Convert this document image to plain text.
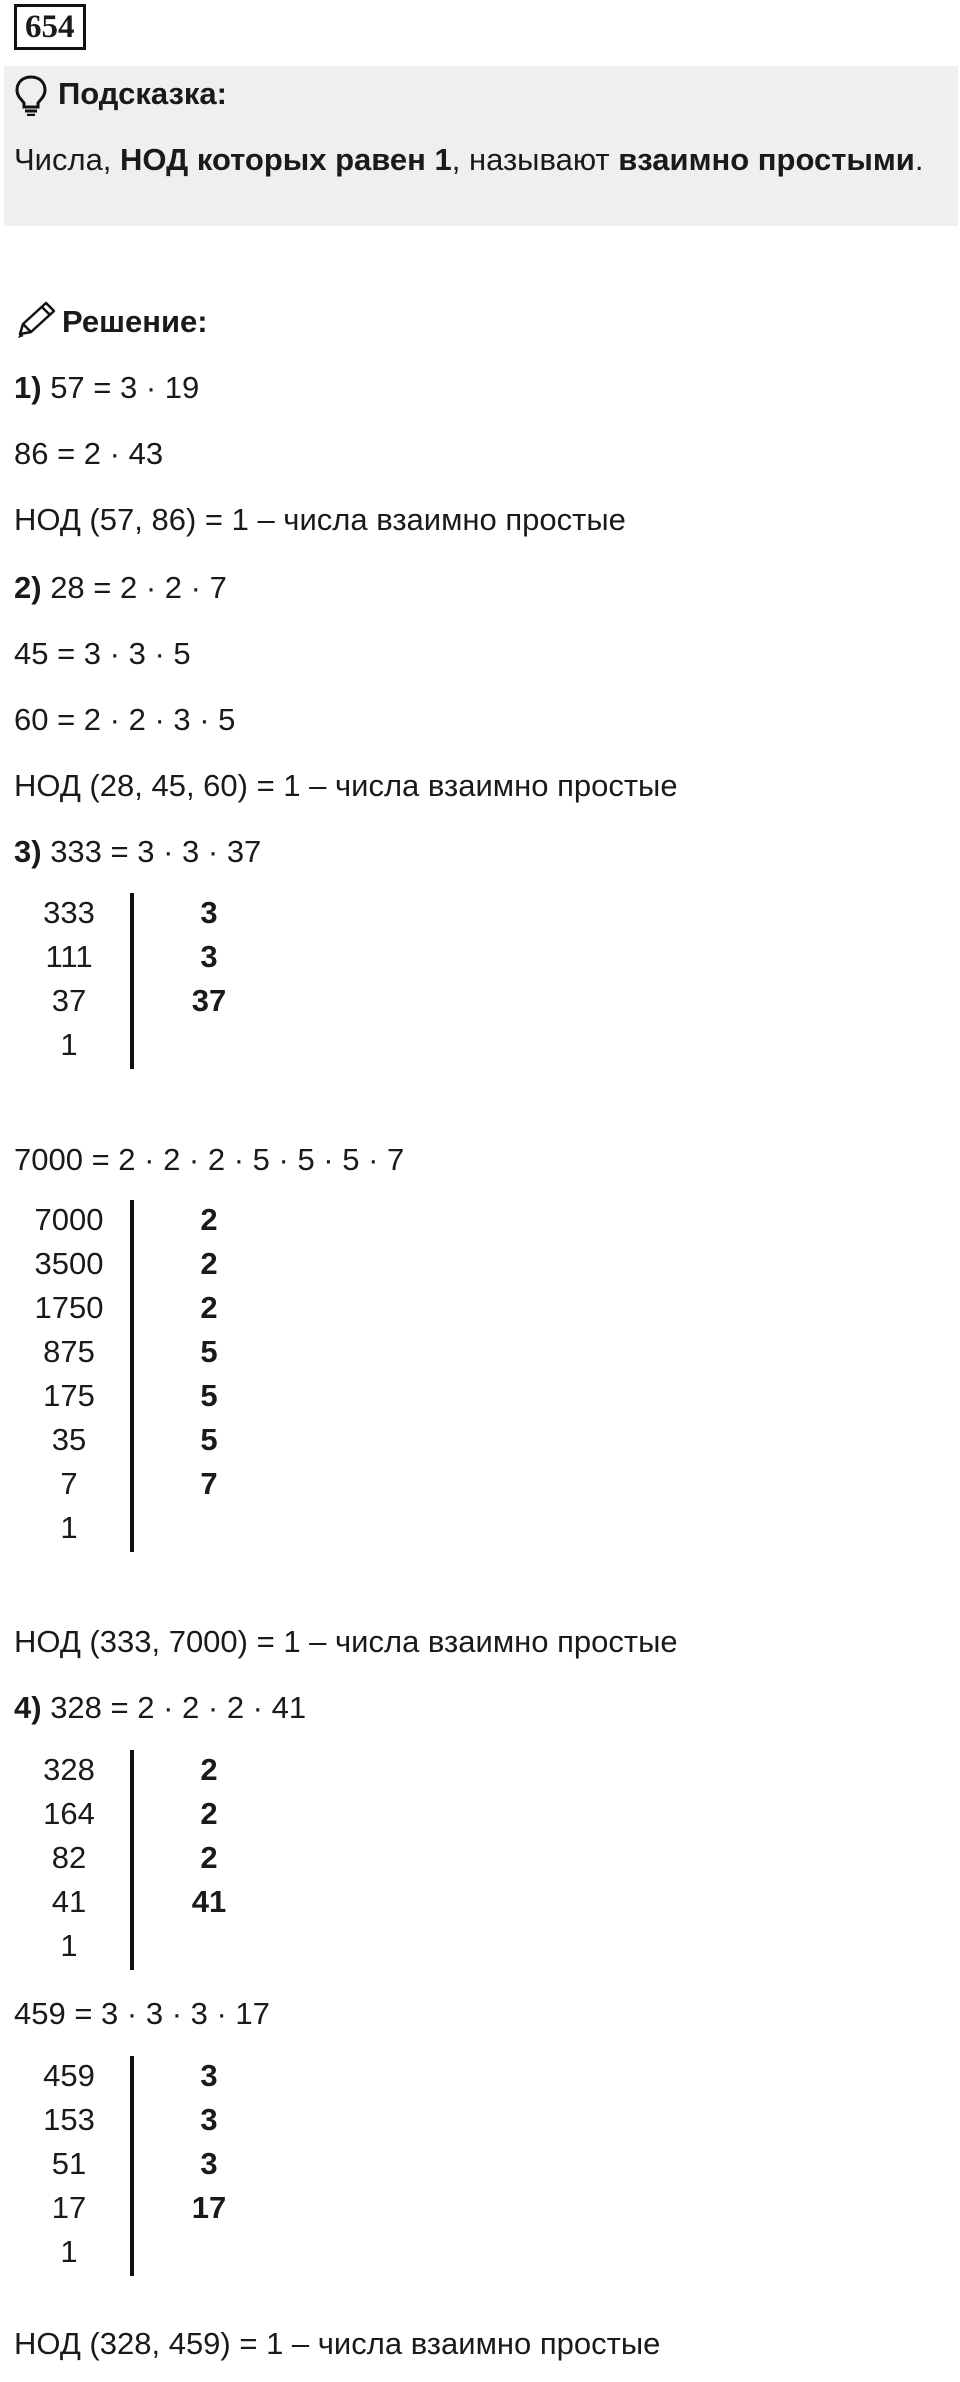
654
Подсказка:
Числа, НОД которых равен 1, называют взаимно простыми.
Решение:
1) 57 = 3 · 19
86 = 2 · 43
НОД (57, 86) = 1 – числа взаимно простые
2) 28 = 2 · 2 · 7
45 = 3 · 3 · 5
60 = 2 · 2 · 3 · 5
НОД (28, 45, 60) = 1 – числа взаимно простые
3) 333 = 3 · 3 · 37
333
111
37
1
3
3
37
7000 = 2 · 2 · 2 · 5 · 5 · 5 · 7
7000
3500
1750
875
175
35
7
1
2
2
2
5
5
5
7
НОД (333, 7000) = 1 – числа взаимно простые
4) 328 = 2 · 2 · 2 · 41
328
164
82
41
1
2
2
2
41
459 = 3 · 3 · 3 · 17
459
153
51
17
1
3
3
3
17
НОД (328, 459) = 1 – числа взаимно простые
